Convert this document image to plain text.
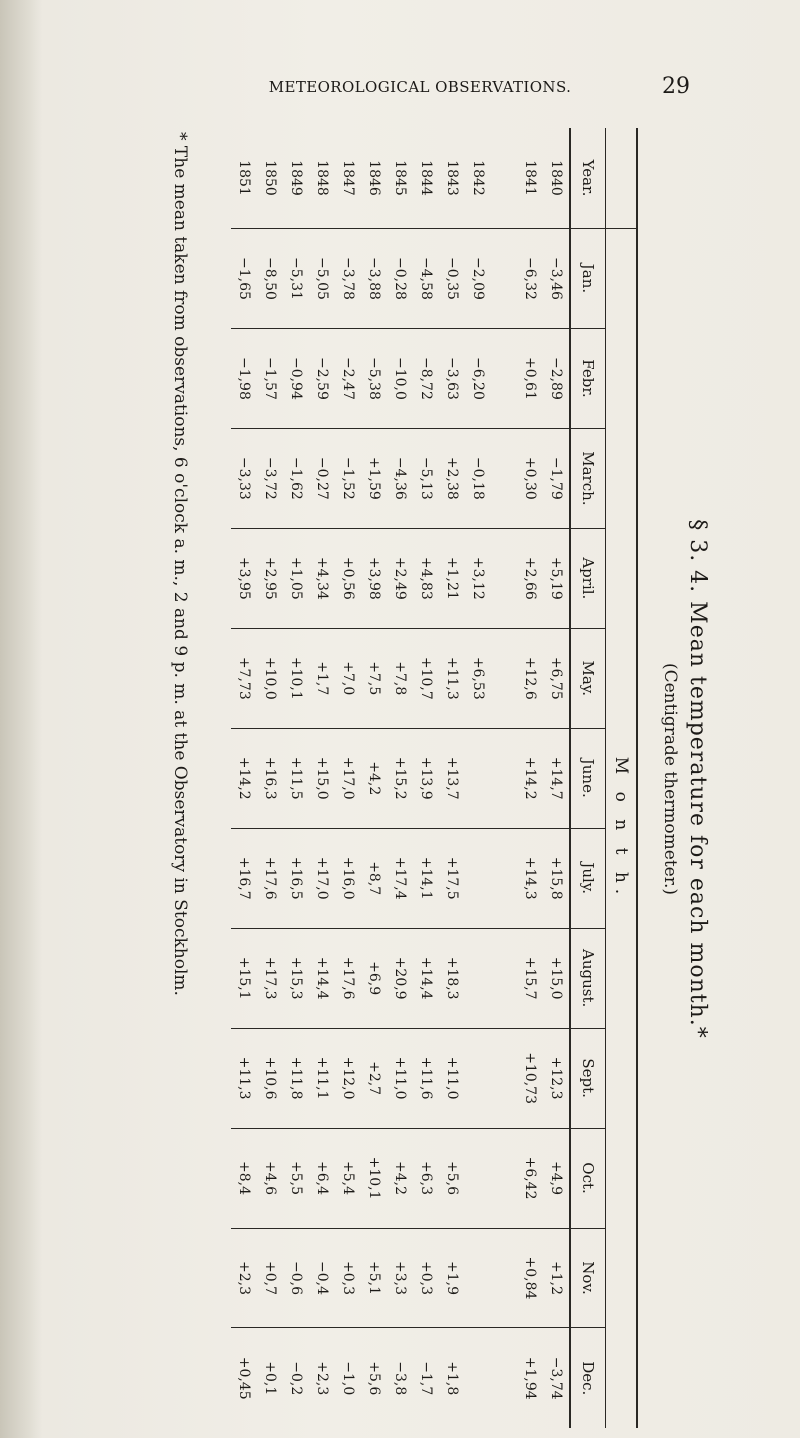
METEOROLOGICAL OBSERVATIONS.	29
§ 3. 4. Mean temperature for each month.*
(Centigrade thermometer.)
	M o n t h.											
Year.	Jan.	Febr.	March.	April.	May.	June.	July.	August.	Sept.	Oct.	Nov.	Dec.
1840	−3,46	−2,89	−1,79	+5,19	+6,75	+14,7	+15,8	+15,0	+12,3	+4,9	+1,2	−3,74
1841	−6,32	+0,61	+0,30	+2,66	+12,6	+14,2	+14,3	+15,7	+10,73	+6,42	+0,84	+1,94

1842	−2,09	−6,20	−0,18	+3,12	+6,53							
1843	−0,35	−3,63	+2,38	+1,21	+11,3	+13,7	+17,5	+18,3	+11,0	+5,6	+1,9	+1,8
1844	−4,58	−8,72	−5,13	+4,83	+10,7	+13,9	+14,1	+14,4	+11,6	+6,3	+0,3	−1,7
1845	−0,28	−10,0	−4,36	+2,49	+7,8	+15,2	+17,4	+20,9	+11,0	+4,2	+3,3	−3,8
1846	−3,88	−5,38	+1,59	+3,98	+7,5	+4,2	+8,7	+6,9	+2,7	+10,1	+5,1	+5,6
1847	−3,78	−2,47	−1,52	+0,56	+7,0	+17,0	+16,0	+17,6	+12,0	+5,4	+0,3	−1,0
1848	−5,05	−2,59	−0,27	+4,34	+1,7	+15,0	+17,0	+14,4	+11,1	+6,4	−0,4	+2,3
1849	−5,31	−0,94	−1,62	+1,05	+10,1	+11,5	+16,5	+15,3	+11,8	+5,5	−0,6	−0,2
1850	−8,50	−1,57	−3,72	+2,95	+10,0	+16,3	+17,6	+17,3	+10,6	+4,6	+0,7	+0,1
1851	−1,65	−1,98	−3,33	+3,95	+7,73	+14,2	+16,7	+15,1	+11,3	+8,4	+2,3	+0,45
* The mean taken from observations, 6 o'clock a. m., 2 and 9 p. m. at the Observatory in Stockholm.
